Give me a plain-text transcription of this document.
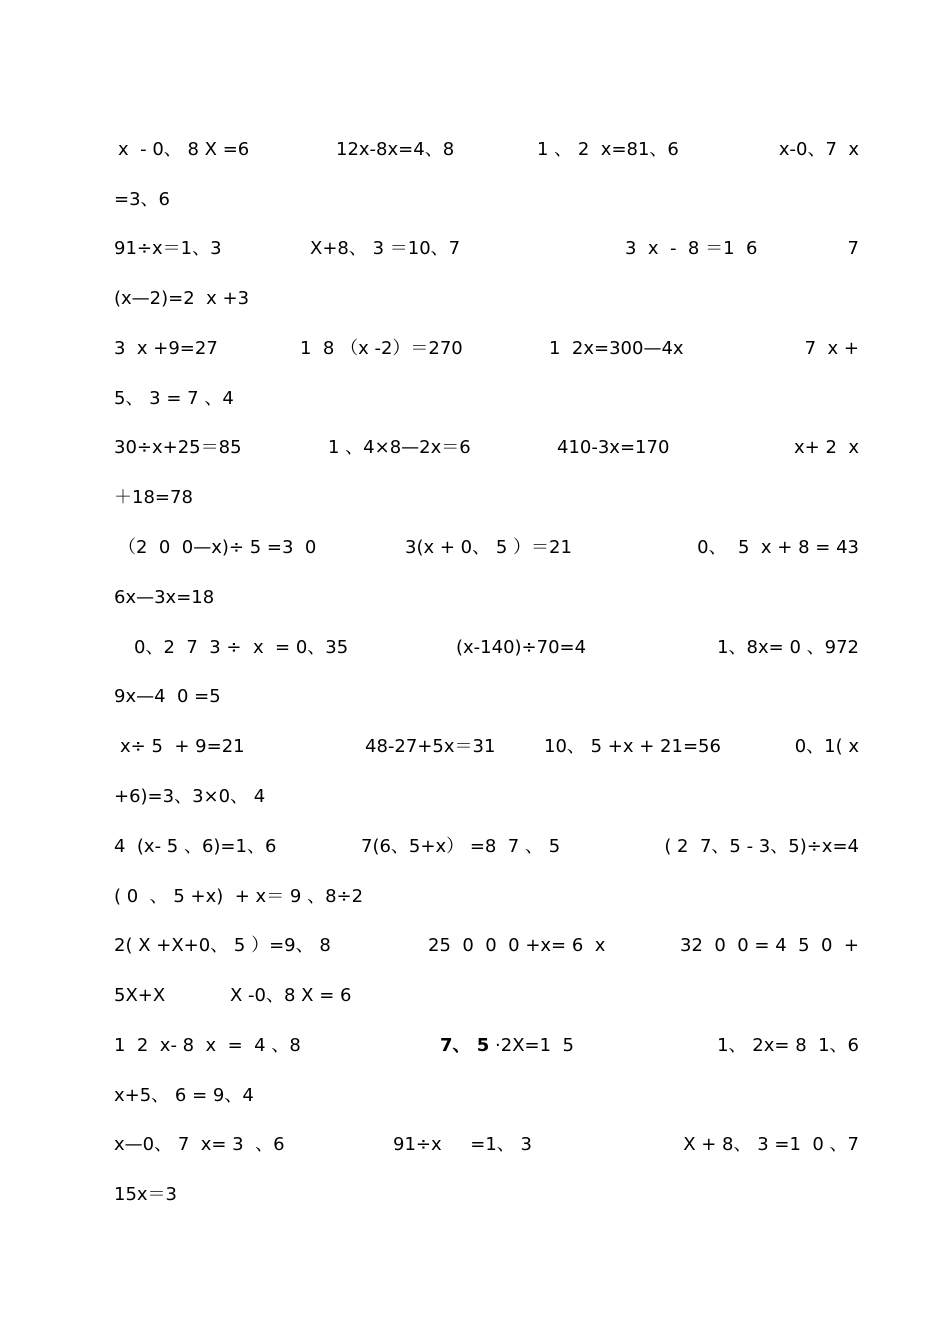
x  - 0、 8 X =6	12x-8x=4、8	1 、 2  x=81、6	x-0、7  x
=3、6
91÷x＝1、3	X+8、 3 ＝10、7	3  x  -  8 ＝1  6	7
(x—2)=2  x +3
3  x +9=27	1  8 （x -2）＝270	1  2x=300—4x	7  x +
5、 3 = 7 、4
30÷x+25＝85	1 、4×8—2x＝6	410-3x=170	x+ 2  x
＋18=78
（2  0  0—x)÷ 5 =3  0	3(x + 0、 5 ）＝21	0、  5  x + 8 = 43
6x—3x=18
0、2  7  3 ÷  x  = 0、35	(x-140)÷70=4	1、8x= 0 、972
9x—4  0 =5
x÷ 5  + 9=21	48-27+5x＝31	10、 5 +x + 21=56	0、1( x
+6)=3、3×0、 4
4  (x- 5 、6)=1、6	7(6、5+x） =8  7 、 5	( 2  7、5 - 3、5)÷x=4
( 0  、 5 +x)  + x＝ 9 、8÷2
2( X +X+0、 5 ）=9、 8	25  0  0  0 +x= 6  x	32  0  0 = 4  5  0  +
5X+X	X -0、8 X = 6
1  2  x- 8  x  =  4 、8	7、 5 ·2X=1  5	1、 2x= 8  1、6
x+5、 6 = 9、4
x—0、 7  x= 3  、6	91÷x     =1、 3	X + 8、 3 =1  0 、7
15x＝3
